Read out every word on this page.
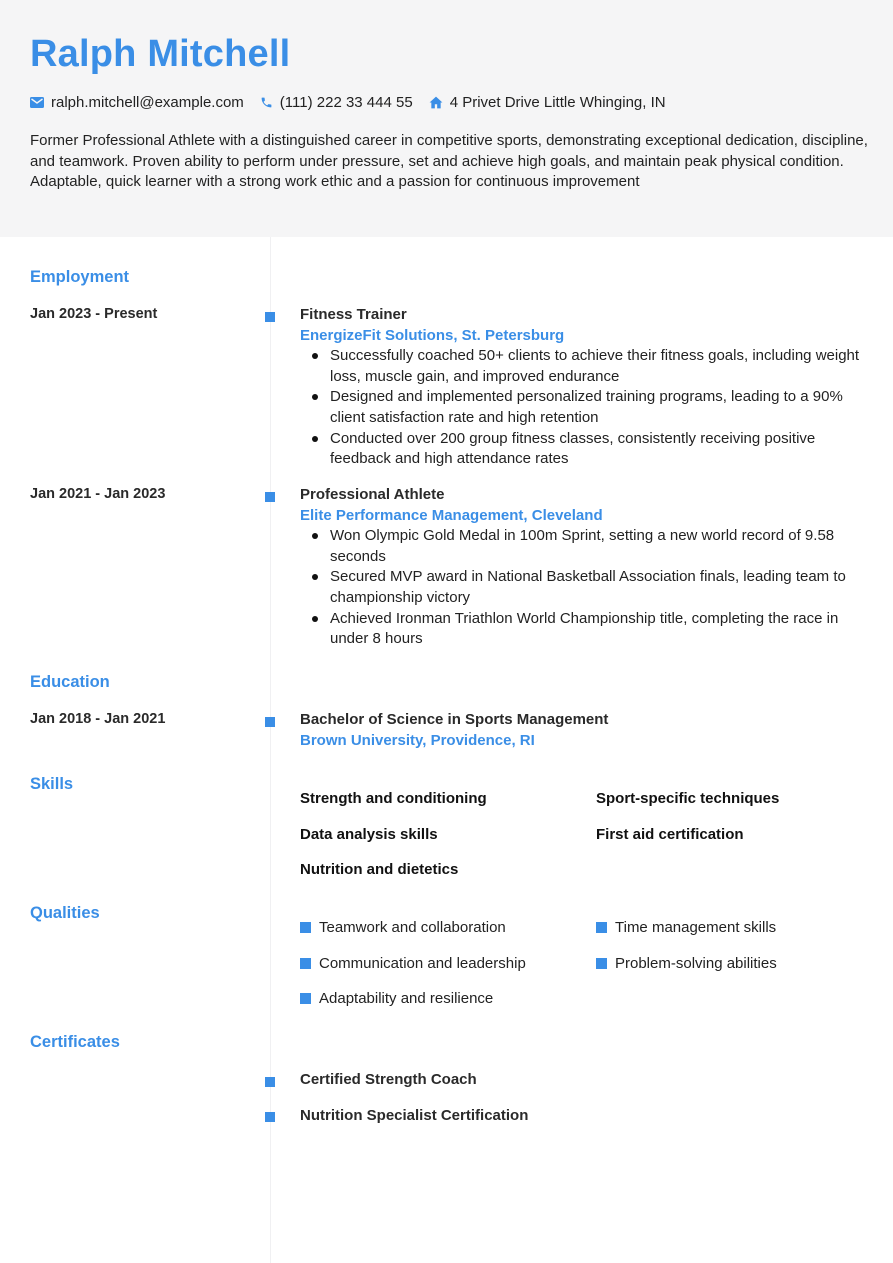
Ralph Mitchell
ralph.mitchell@example.com (111) 222 33 444 55 4 Privet Drive Little Whinging, IN
Former Professional Athlete with a distinguished career in competitive sports, demonstrating exceptional dedication, discipline, and teamwork. Proven ability to perform under pressure, set and achieve high goals, and maintain peak physical condition. Adaptable, quick learner with a strong work ethic and a passion for continuous improvement
Employment
Jan 2023 - Present	Fitness Trainer
EnergizeFit Solutions, St. Petersburg
Successfully coached 50+ clients to achieve their fitness goals, including weight loss, muscle gain, and improved endurance
Designed and implemented personalized training programs, leading to a 90% client satisfaction rate and high retention
Conducted over 200 group fitness classes, consistently receiving positive feedback and high attendance rates
Jan 2021 - Jan 2023	Professional Athlete
Elite Performance Management, Cleveland
Won Olympic Gold Medal in 100m Sprint, setting a new world record of 9.58 seconds
Secured MVP award in National Basketball Association finals, leading team to championship victory
Achieved Ironman Triathlon World Championship title, completing the race in under 8 hours
Education
Jan 2018 - Jan 2021	Bachelor of Science in Sports Management
Brown University, Providence, RI
Skills
Strength and conditioning	Sport-specific techniques
Data analysis skills	First aid certification
Nutrition and dietetics
Qualities
Teamwork and collaboration	Time management skills
Communication and leadership	Problem-solving abilities
Adaptability and resilience
Certificates
Certified Strength Coach
Nutrition Specialist Certification
